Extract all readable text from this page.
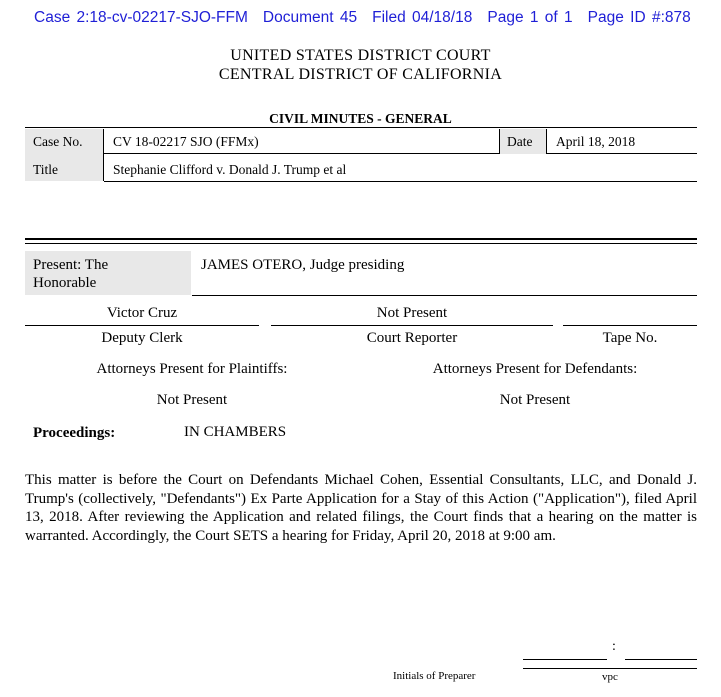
Case 2:18-cv-02217-SJO-FFM Document 45 Filed 04/18/18 Page 1 of 1 Page ID #:878
UNITED STATES DISTRICT COURT
CENTRAL DISTRICT OF CALIFORNIA
CIVIL MINUTES - GENERAL
Case No. CV 18-02217 SJO (FFMx)	Date April 18, 2018
Title	Stephanie Clifford v. Donald J. Trump et al
Present: The
Honorable
JAMES OTERO, Judge presiding
Victor Cruz	Not Present
Deputy Clerk	Court Reporter	Tape No.
Attorneys Present for Plaintiffs:	Attorneys Present for Defendants:
Not Present	Not Present
Proceedings:	IN CHAMBERS
This matter is before the Court on Defendants Michael Cohen, Essential Consultants, LLC, and Donald J. Trump's (collectively, "Defendants") Ex Parte Application for a Stay of this Action ("Application"), filed April 13, 2018. After reviewing the Application and related filings, the Court finds that a hearing on the matter is warranted. Accordingly, the Court SETS a hearing for Friday, April 20, 2018 at 9:00 am.
:
Initials of Preparer	vpc
